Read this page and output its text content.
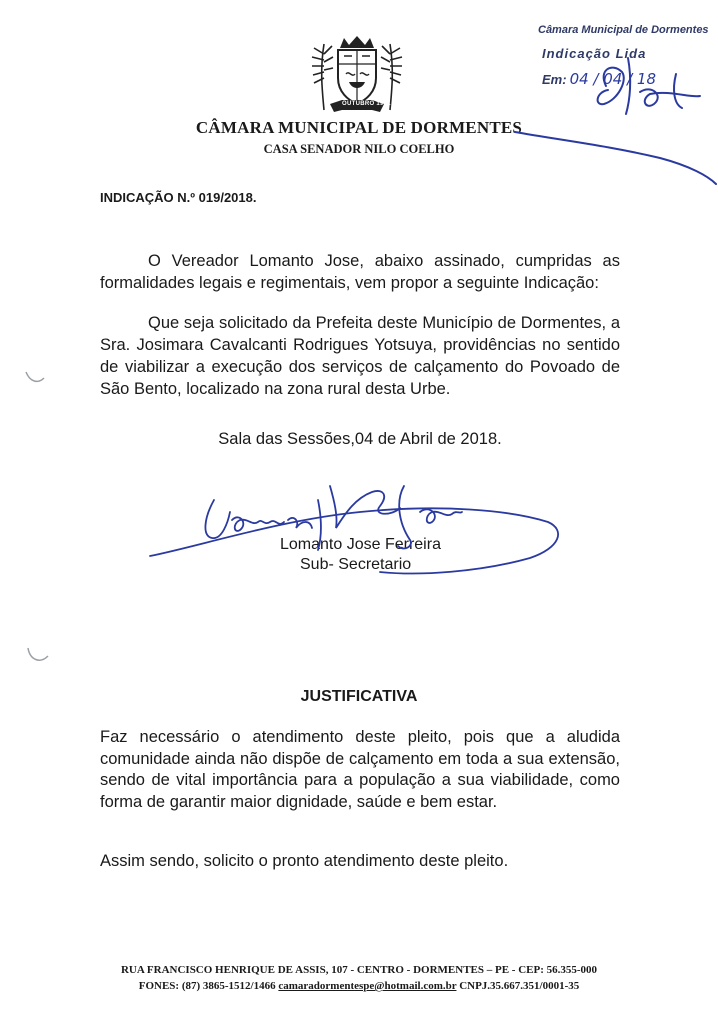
OUTUBRO 1991
Câmara Municipal de Dormentes
Indicação Lida
Em: 04 / 04 / 18
CÂMARA MUNICIPAL DE DORMENTES
CASA SENADOR NILO COELHO
INDICAÇÃO N.º 019/2018.
O Vereador Lomanto Jose, abaixo assinado, cumpridas as formalidades legais e regimentais, vem propor a seguinte Indicação:
Que seja solicitado da Prefeita deste Município de Dormentes, a Sra. Josimara Cavalcanti Rodrigues Yotsuya, providências no sentido de viabilizar a execução dos serviços de calçamento do Povoado de São Bento, localizado na zona rural desta Urbe.
Sala das Sessões,04 de Abril de 2018.
Lomanto Jose Ferreira
Sub- Secretario
JUSTIFICATIVA
Faz necessário o atendimento deste pleito, pois que a aludida comunidade ainda não dispõe de calçamento em toda a sua extensão, sendo de vital importância para a população a sua viabilidade, como forma de garantir maior dignidade, saúde e bem estar.
Assim sendo, solicito o pronto atendimento deste pleito.
RUA FRANCISCO HENRIQUE DE ASSIS, 107 - CENTRO - DORMENTES – PE - CEP: 56.355-000
FONES: (87) 3865-1512/1466 camaradormentespe@hotmail.com.br CNPJ.35.667.351/0001-35
